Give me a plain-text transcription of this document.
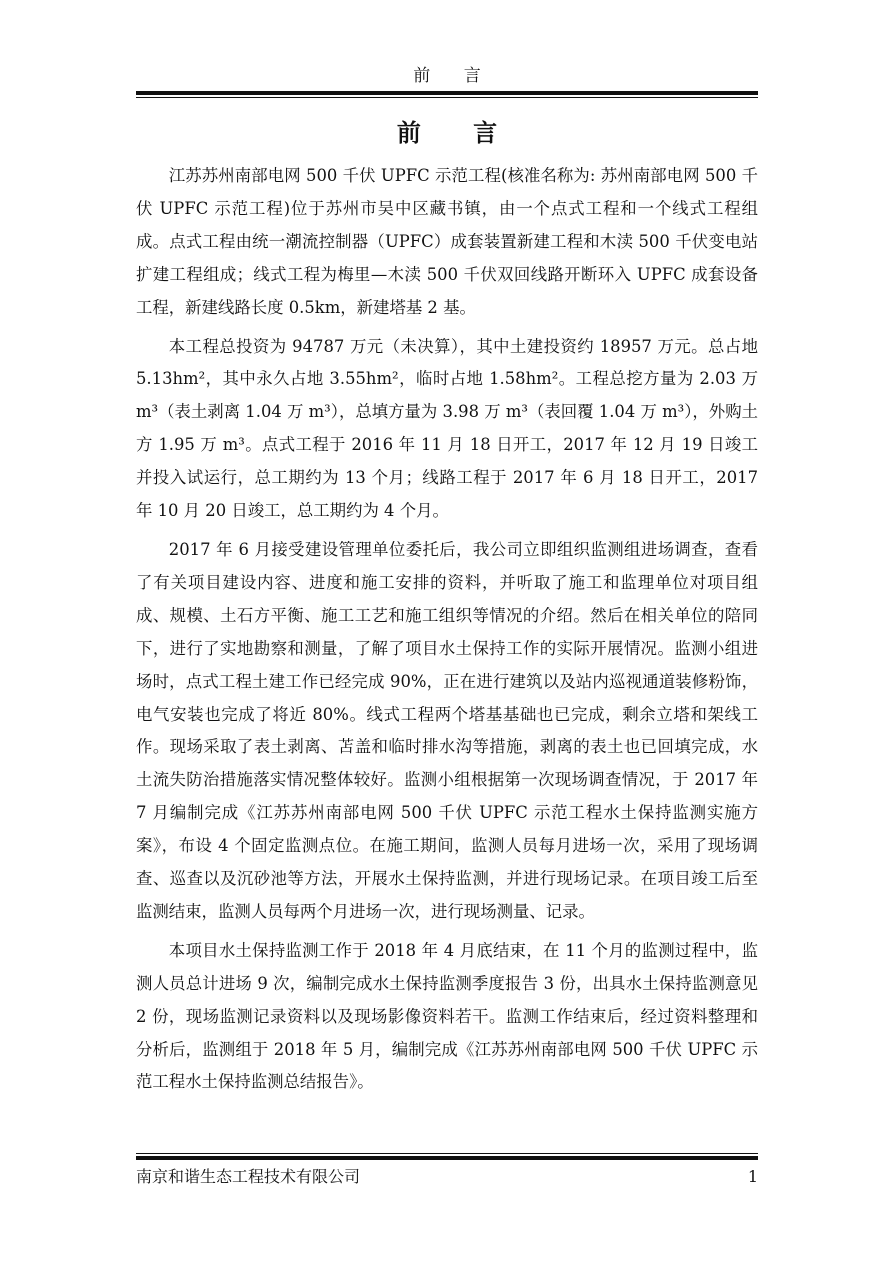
前 言
前 言

江苏苏州南部电网 500 千伏 UPFC 示范工程(核准名称为: 苏州南部电网 500 千伏 UPFC 示范工程)位于苏州市吴中区藏书镇，由一个点式工程和一个线式工程组成。点式工程由统一潮流控制器（UPFC）成套装置新建工程和木渎 500 千伏变电站扩建工程组成；线式工程为梅里—木渎 500 千伏双回线路开断环入 UPFC 成套设备工程，新建线路长度 0.5km，新建塔基 2 基。

本工程总投资为 94787 万元（未决算），其中土建投资约 18957 万元。总占地 5.13hm²，其中永久占地 3.55hm²，临时占地 1.58hm²。工程总挖方量为 2.03 万 m³（表土剥离 1.04 万 m³），总填方量为 3.98 万 m³（表回覆 1.04 万 m³），外购土方 1.95 万 m³。点式工程于 2016 年 11 月 18 日开工，2017 年 12 月 19 日竣工并投入试运行，总工期约为 13 个月；线路工程于 2017 年 6 月 18 日开工，2017 年 10 月 20 日竣工，总工期约为 4 个月。

2017 年 6 月接受建设管理单位委托后，我公司立即组织监测组进场调查，查看了有关项目建设内容、进度和施工安排的资料，并听取了施工和监理单位对项目组成、规模、土石方平衡、施工工艺和施工组织等情况的介绍。然后在相关单位的陪同下，进行了实地勘察和测量，了解了项目水土保持工作的实际开展情况。监测小组进场时，点式工程土建工作已经完成 90%，正在进行建筑以及站内巡视通道装修粉饰，电气安装也完成了将近 80%。线式工程两个塔基基础也已完成，剩余立塔和架线工作。现场采取了表土剥离、苫盖和临时排水沟等措施，剥离的表土也已回填完成，水土流失防治措施落实情况整体较好。监测小组根据第一次现场调查情况，于 2017 年 7 月编制完成《江苏苏州南部电网 500 千伏 UPFC 示范工程水土保持监测实施方案》，布设 4 个固定监测点位。在施工期间，监测人员每月进场一次，采用了现场调查、巡查以及沉砂池等方法，开展水土保持监测，并进行现场记录。在项目竣工后至监测结束，监测人员每两个月进场一次，进行现场测量、记录。

本项目水土保持监测工作于 2018 年 4 月底结束，在 11 个月的监测过程中，监测人员总计进场 9 次，编制完成水土保持监测季度报告 3 份，出具水土保持监测意见 2 份，现场监测记录资料以及现场影像资料若干。监测工作结束后，经过资料整理和分析后，监测组于 2018 年 5 月，编制完成《江苏苏州南部电网 500 千伏 UPFC 示范工程水土保持监测总结报告》。

南京和谐生态工程技术有限公司	1
